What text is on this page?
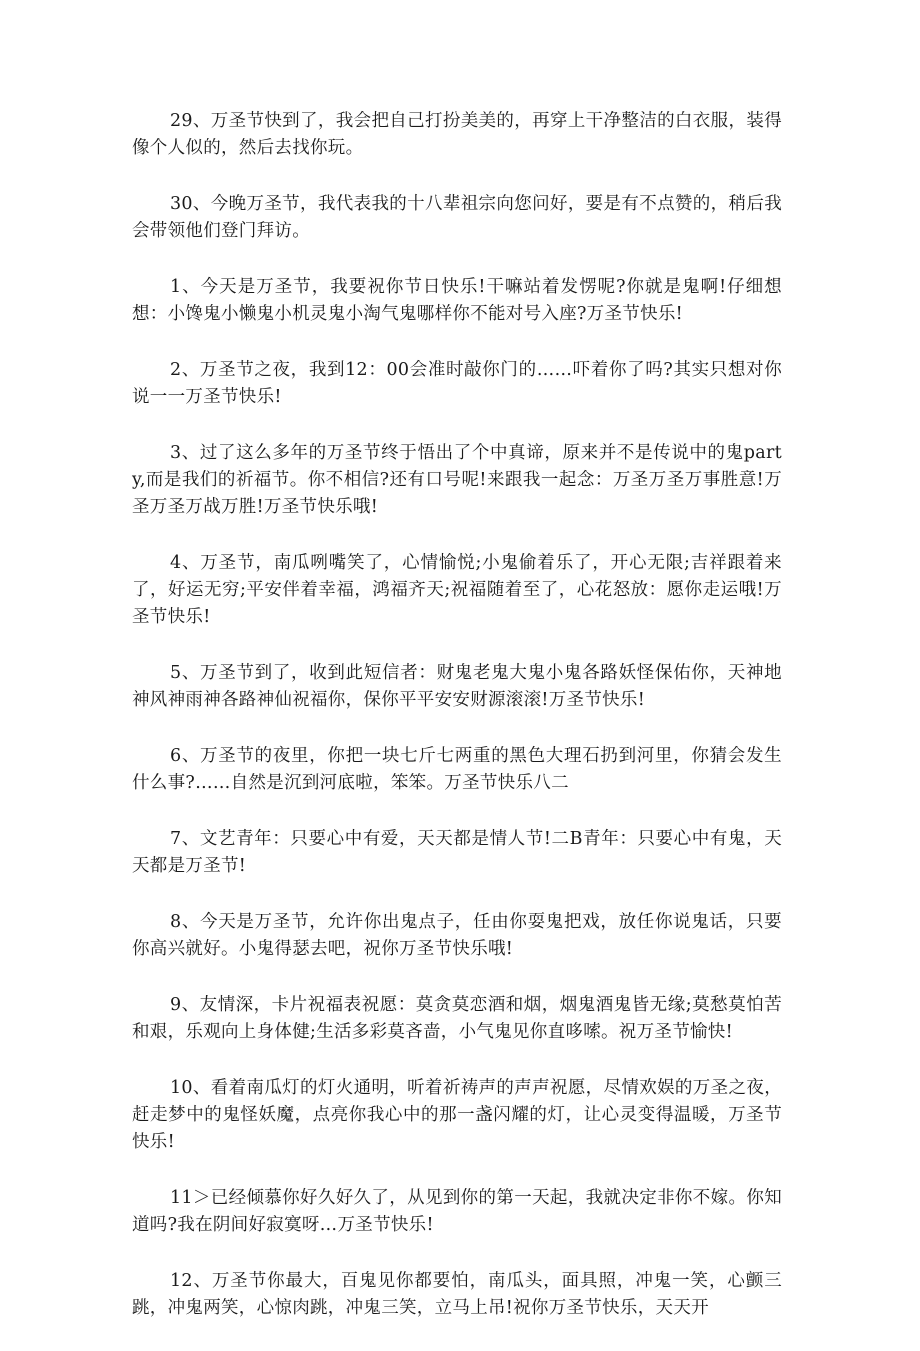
29、万圣节快到了，我会把自己打扮美美的，再穿上干净整洁的白衣服，装得像个人似的，然后去找你玩。

30、今晚万圣节，我代表我的十八辈祖宗向您问好，要是有不点赞的，稍后我会带领他们登门拜访。

1、今天是万圣节，我要祝你节日快乐!干嘛站着发愣呢?你就是鬼啊!仔细想想：小馋鬼小懒鬼小机灵鬼小淘气鬼哪样你不能对号入座?万圣节快乐!

2、万圣节之夜，我到12：00会准时敲你门的……吓着你了吗?其实只想对你说一一万圣节快乐!

3、过了这么多年的万圣节终于悟出了个中真谛，原来并不是传说中的鬼party,而是我们的祈福节。你不相信?还有口号呢!来跟我一起念：万圣万圣万事胜意!万圣万圣万战万胜!万圣节快乐哦!

4、万圣节，南瓜咧嘴笑了，心情愉悦;小鬼偷着乐了，开心无限;吉祥跟着来了，好运无穷;平安伴着幸福，鸿福齐天;祝福随着至了，心花怒放：愿你走运哦!万圣节快乐!

5、万圣节到了，收到此短信者：财鬼老鬼大鬼小鬼各路妖怪保佑你，天神地神风神雨神各路神仙祝福你，保你平平安安财源滚滚!万圣节快乐!

6、万圣节的夜里，你把一块七斤七两重的黑色大理石扔到河里，你猜会发生什么事?……自然是沉到河底啦，笨笨。万圣节快乐八二

7、文艺青年：只要心中有爱，天天都是情人节!二B青年：只要心中有鬼，天天都是万圣节!

8、今天是万圣节，允许你出鬼点子，任由你耍鬼把戏，放任你说鬼话，只要你高兴就好。小鬼得瑟去吧，祝你万圣节快乐哦!

9、友情深，卡片祝福表祝愿：莫贪莫恋酒和烟，烟鬼酒鬼皆无缘;莫愁莫怕苦和艰，乐观向上身体健;生活多彩莫吝啬，小气鬼见你直哆嗦。祝万圣节愉快!

10、看着南瓜灯的灯火通明，听着祈祷声的声声祝愿，尽情欢娱的万圣之夜，赶走梦中的鬼怪妖魔，点亮你我心中的那一盏闪耀的灯，让心灵变得温暖，万圣节快乐!

11＞已经倾慕你好久好久了，从见到你的第一天起，我就决定非你不嫁。你知道吗?我在阴间好寂寞呀…万圣节快乐!

12、万圣节你最大，百鬼见你都要怕，南瓜头，面具照，冲鬼一笑，心颤三跳，冲鬼两笑，心惊肉跳，冲鬼三笑，立马上吊!祝你万圣节快乐，天天开
